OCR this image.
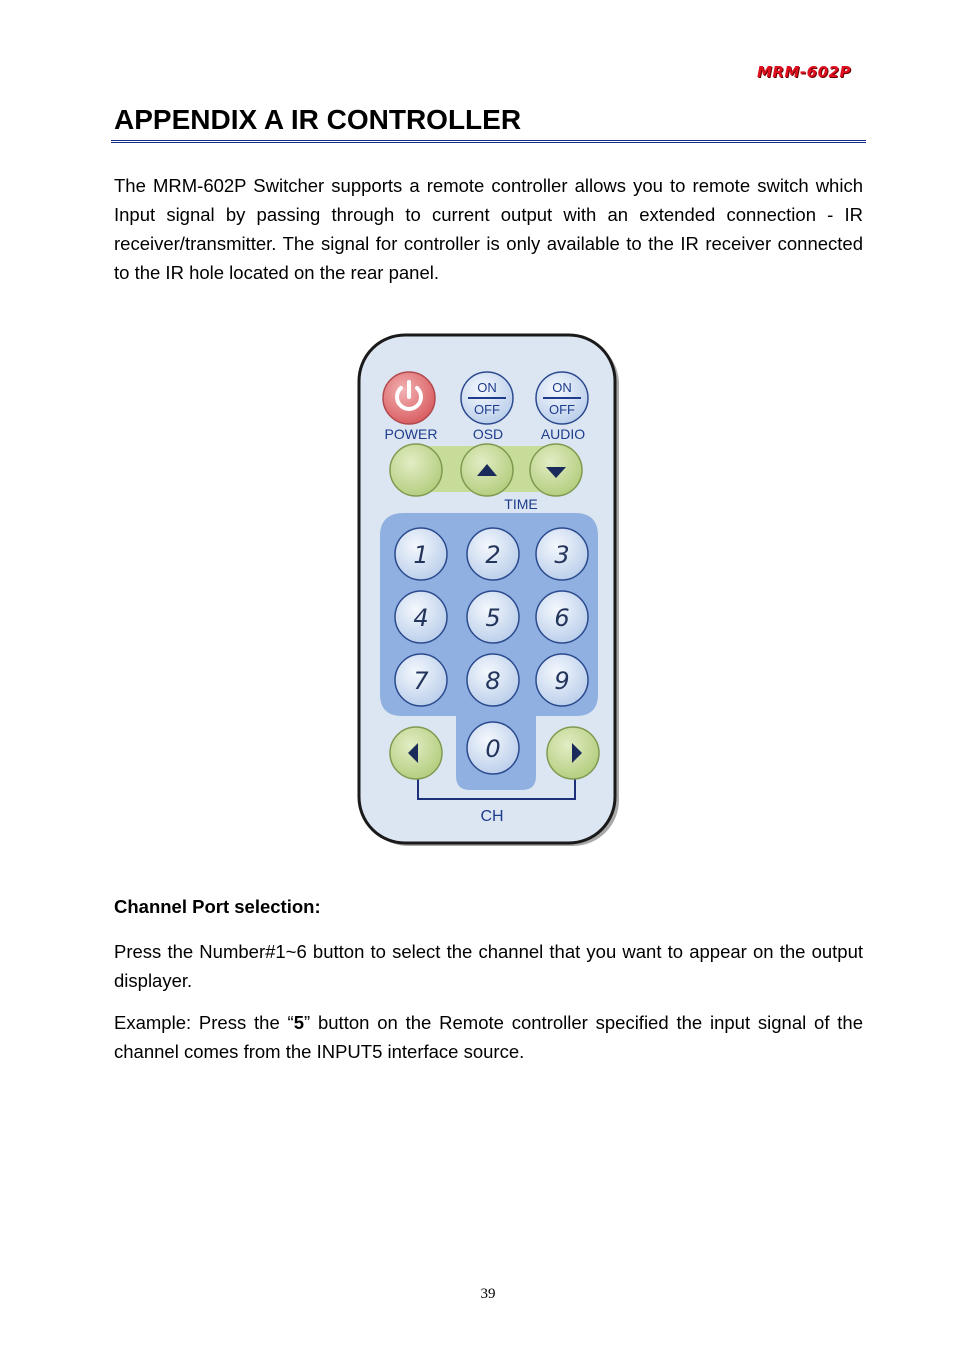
MRM-602P
APPENDIX A IR CONTROLLER

The MRM-602P Switcher supports a remote controller allows you to remote switch which Input signal by passing through to current output with an extended connection - IR receiver/transmitter. The signal for controller is only available to the IR receiver connected to the IR hole located on the rear panel.

POWER
ON
OFF
OSD
ON
OFF
AUDIO
TIME
1 2 3
4 5 6
7 8 9
0
CH
Channel Port selection:

Press the Number#1~6 button to select the channel that you want to appear on the output displayer.

Example: Press the “5” button on the Remote controller specified the input signal of the channel comes from the INPUT5 interface source.

39
